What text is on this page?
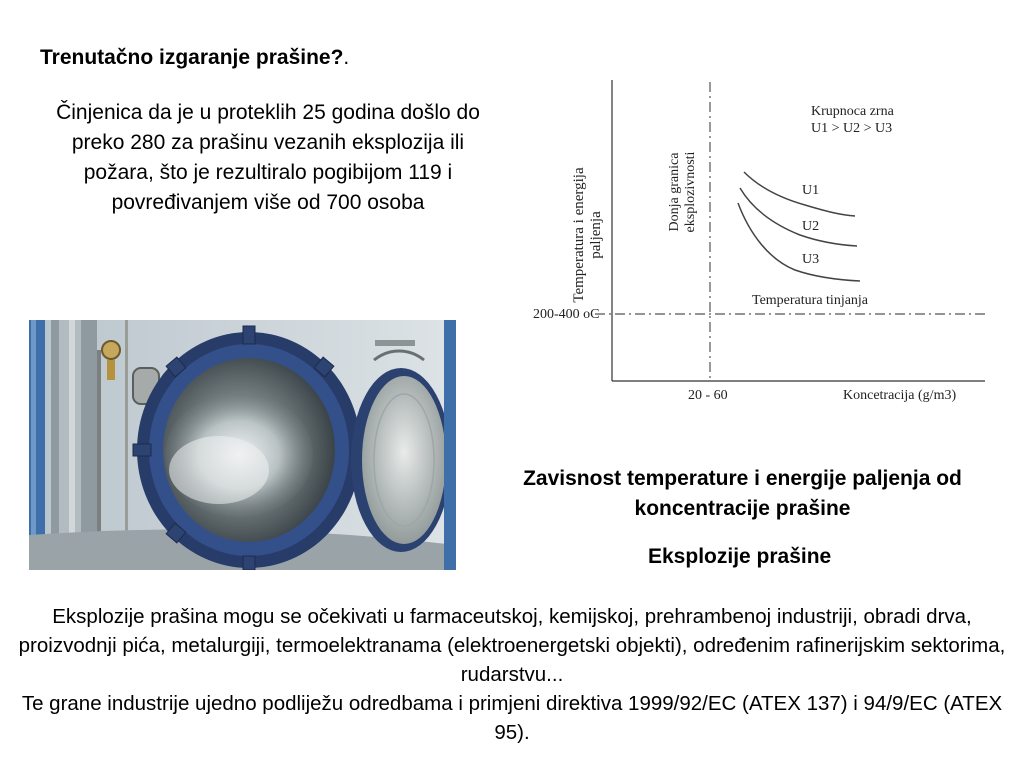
Trenutačno izgaranje prašine?.
Činjenica da je u proteklih 25 godina došlo do preko 280 za prašinu vezanih eksplozija ili požara, što je rezultiralo pogibijom 119 i povređivanjem više od 700 osoba	Temperatura i energija paljenja
Donja granica eksplozivnosti
Krupnoca zrna
U1 > U2 > U3
U1
U2
U3
Temperatura tinjanja
200-400 oC
20 - 60	Koncetracija (g/m3)
Zavisnost temperature i energije paljenja od koncentracije prašine
Eksplozije prašine

Eksplozije prašina mogu se očekivati u farmaceutskoj, kemijskoj, prehrambenoj industriji, obradi drva, proizvodnji pića, metalurgiji, termoelektranama (elektroenergetski objekti), određenim rafinerijskim sektorima, rudarstvu...

Te grane industrije ujedno podliježu odredbama i primjeni direktiva 1999/92/EC (ATEX 137) i 94/9/EC (ATEX 95).
